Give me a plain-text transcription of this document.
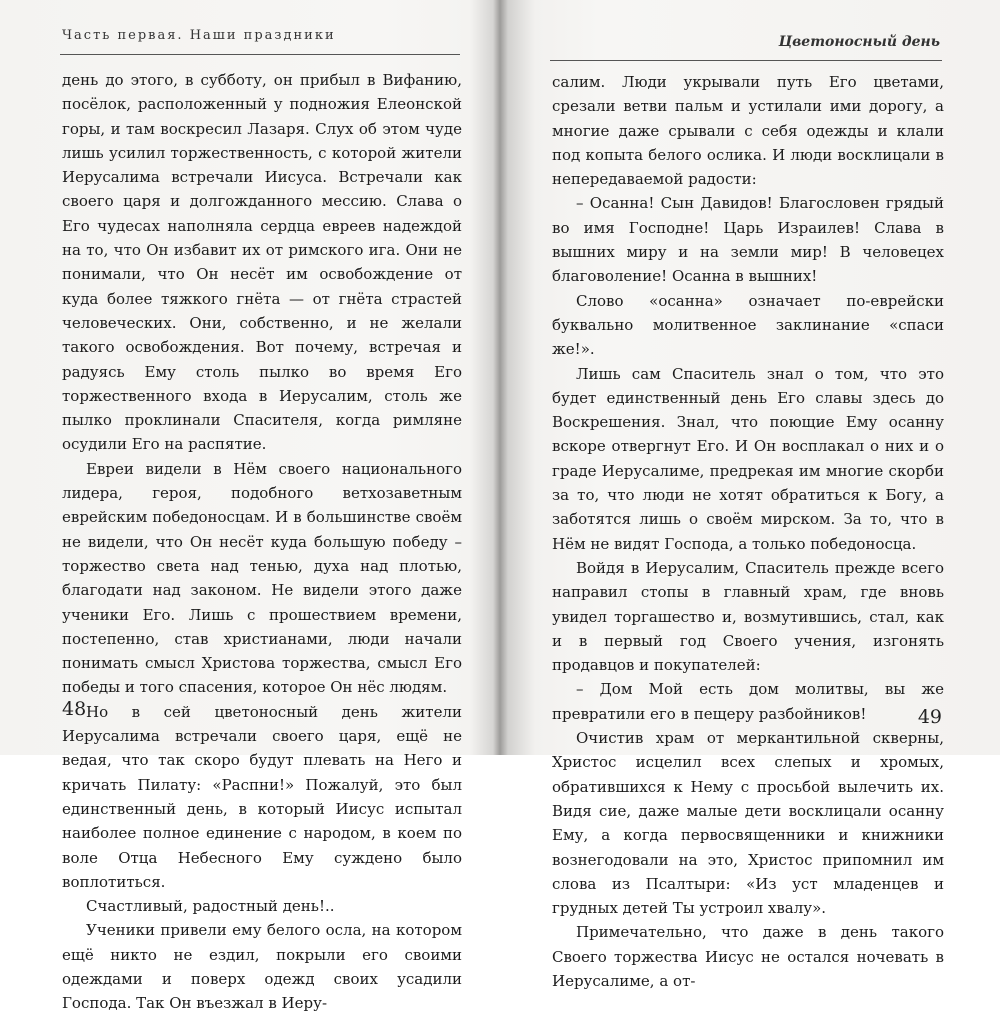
Часть первая. Наши праздники

день до этого, в субботу, он прибыл в Вифанию, посёлок, расположенный у подножия Елеонской горы, и там воскресил Лазаря. Слух об этом чуде лишь усилил торжественность, с которой жители Иерусалима встречали Иисуса. Встречали как своего царя и долгожданного мессию. Слава о Его чудесах наполняла сердца евреев надеждой на то, что Он избавит их от римского ига. Они не понимали, что Он несёт им освобождение от куда более тяжкого гнёта — от гнёта страстей человеческих. Они, собственно, и не желали такого освобождения. Вот почему, встречая и радуясь Ему столь пылко во время Его торжественного входа в Иерусалим, столь же пылко проклинали Спасителя, когда римляне осудили Его на распятие.

Евреи видели в Нём своего национального лидера, героя, подобного ветхозаветным еврейским победоносцам. И в большинстве своём не видели, что Он несёт куда большую победу – торжество света над тенью, духа над плотью, благодати над законом. Не видели этого даже ученики Его. Лишь с прошествием времени, постепенно, став христианами, люди начали понимать смысл Христова торжества, смысл Его победы и того спасения, которое Он нёс людям.

Но в сей цветоносный день жители Иерусалима встречали своего царя, ещё не ведая, что так скоро будут плевать на Него и кричать Пилату: «Распни!» Пожалуй, это был единственный день, в который Иисус испытал наиболее полное единение с народом, в коем по воле Отца Небесного Ему суждено было воплотиться.

Счастливый, радостный день!..

Ученики привели ему белого осла, на котором ещё никто не ездил, покрыли его своими одеждами и поверх одежд своих усадили Господа. Так Он въезжал в Иеру-

48
Цветоносный день

салим. Люди укрывали путь Его цветами, срезали ветви пальм и устилали ими дорогу, а многие даже срывали с себя одежды и клали под копыта белого ослика. И люди восклицали в непередаваемой радости:

– Осанна! Сын Давидов! Благословен грядый во имя Господне! Царь Израилев! Слава в вышних миру и на земли мир! В человецех благоволение! Осанна в вышних!

Слово «осанна» означает по-еврейски буквально молитвенное заклинание «спаси же!».

Лишь сам Спаситель знал о том, что это будет единственный день Его славы здесь до Воскрешения. Знал, что поющие Ему осанну вскоре отвергнут Его. И Он восплакал о них и о граде Иерусалиме, предрекая им многие скорби за то, что люди не хотят обратиться к Богу, а заботятся лишь о своём мирском. За то, что в Нём не видят Господа, а только победоносца.

Войдя в Иерусалим, Спаситель прежде всего направил стопы в главный храм, где вновь увидел торгашество и, возмутившись, стал, как и в первый год Своего учения, изгонять продавцов и покупателей:

– Дом Мой есть дом молитвы, вы же превратили его в пещеру разбойников!

Очистив храм от меркантильной скверны, Христос исцелил всех слепых и хромых, обратившихся к Нему с просьбой вылечить их. Видя сие, даже малые дети восклицали осанну Ему, а когда первосвященники и книжники вознегодовали на это, Христос припомнил им слова из Псалтыри: «Из уст младенцев и грудных детей Ты устроил хвалу».

Примечательно, что даже в день такого Своего торжества Иисус не остался ночевать в Иерусалиме, а от-

49
